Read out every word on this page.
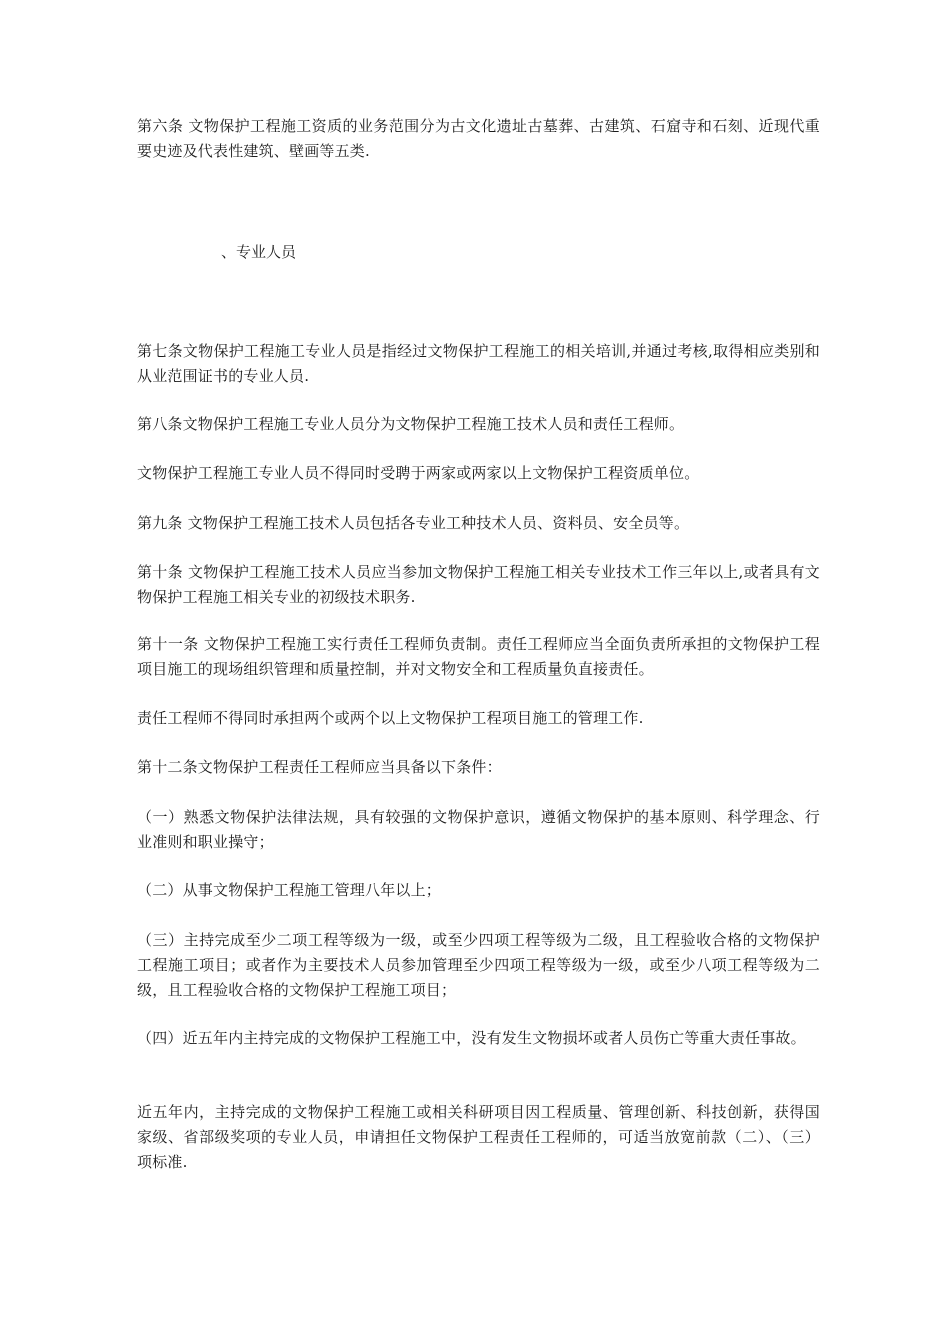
第六条 文物保护工程施工资质的业务范围分为古文化遗址古墓葬、古建筑、石窟寺和石刻、近现代重要史迹及代表性建筑、壁画等五类.

、专业人员

第七条文物保护工程施工专业人员是指经过文物保护工程施工的相关培训,并通过考核,取得相应类别和从业范围证书的专业人员.

第八条文物保护工程施工专业人员分为文物保护工程施工技术人员和责任工程师。

文物保护工程施工专业人员不得同时受聘于两家或两家以上文物保护工程资质单位。

第九条 文物保护工程施工技术人员包括各专业工种技术人员、资料员、安全员等。

第十条 文物保护工程施工技术人员应当参加文物保护工程施工相关专业技术工作三年以上,或者具有文物保护工程施工相关专业的初级技术职务.

第十一条 文物保护工程施工实行责任工程师负责制。责任工程师应当全面负责所承担的文物保护工程项目施工的现场组织管理和质量控制，并对文物安全和工程质量负直接责任。

责任工程师不得同时承担两个或两个以上文物保护工程项目施工的管理工作.

第十二条文物保护工程责任工程师应当具备以下条件：

（一）熟悉文物保护法律法规，具有较强的文物保护意识，遵循文物保护的基本原则、科学理念、行业准则和职业操守；

（二）从事文物保护工程施工管理八年以上；

（三）主持完成至少二项工程等级为一级，或至少四项工程等级为二级，且工程验收合格的文物保护工程施工项目；或者作为主要技术人员参加管理至少四项工程等级为一级，或至少八项工程等级为二级，且工程验收合格的文物保护工程施工项目；

（四）近五年内主持完成的文物保护工程施工中，没有发生文物损坏或者人员伤亡等重大责任事故。

近五年内，主持完成的文物保护工程施工或相关科研项目因工程质量、管理创新、科技创新，获得国家级、省部级奖项的专业人员，申请担任文物保护工程责任工程师的，可适当放宽前款（二）、（三）项标准.
